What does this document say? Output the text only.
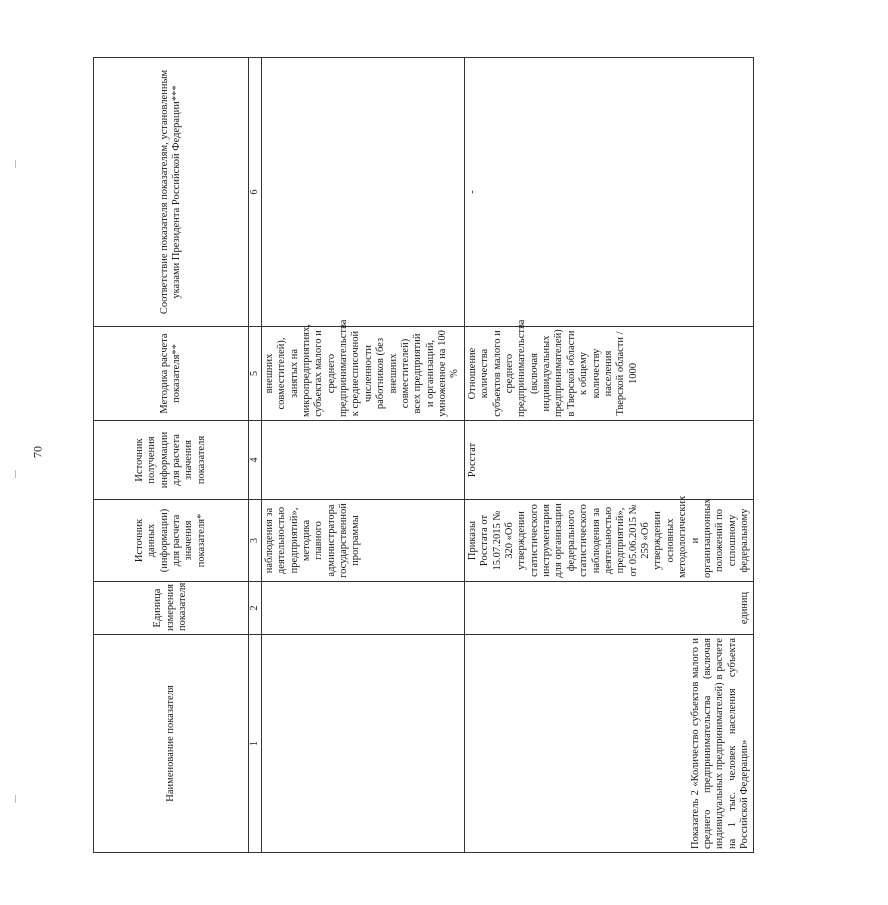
70
Наименование показателя	Единица измерения показателя	Источник данных (информации) для расчета значения показателя*	Источник получения информации для расчета значения показателя	Методика расчета показателя**	Соответствие показателя показателям, установленным указами Президента Российской Федерации***
1	2	3	4	5	6
		наблюдения за деятельностью предприятий», методика главного администратора государственной программы		внешних совместителей), занятых на микропредприятиях, субъектах малого и среднего предпринимательства к среднесписочной численности работников (без внешних совместителей) всех предприятий и организаций, умноженное на 100 %	
Показатель 2 «Количество субъектов малого и среднего предпринимательства (включая индивидуальных предпринимателей) в расчете на 1 тыс. человек населения субъекта Российской Федерации»	единиц	Приказы Росстата от 15.07.2015 № 320 «Об утверждении статистического инструментария для организации федерального статистического наблюдения за деятельностью предприятий», от 05.06.2015 № 259 «Об утверждении основных методологических и организационных положений по сплошному федеральному	Росстат	Отношение количества субъектов малого и среднего предпринимательства (включая индивидуальных предпринимателей) в Тверской области к общему количеству населения Тверской области / 1000	-
